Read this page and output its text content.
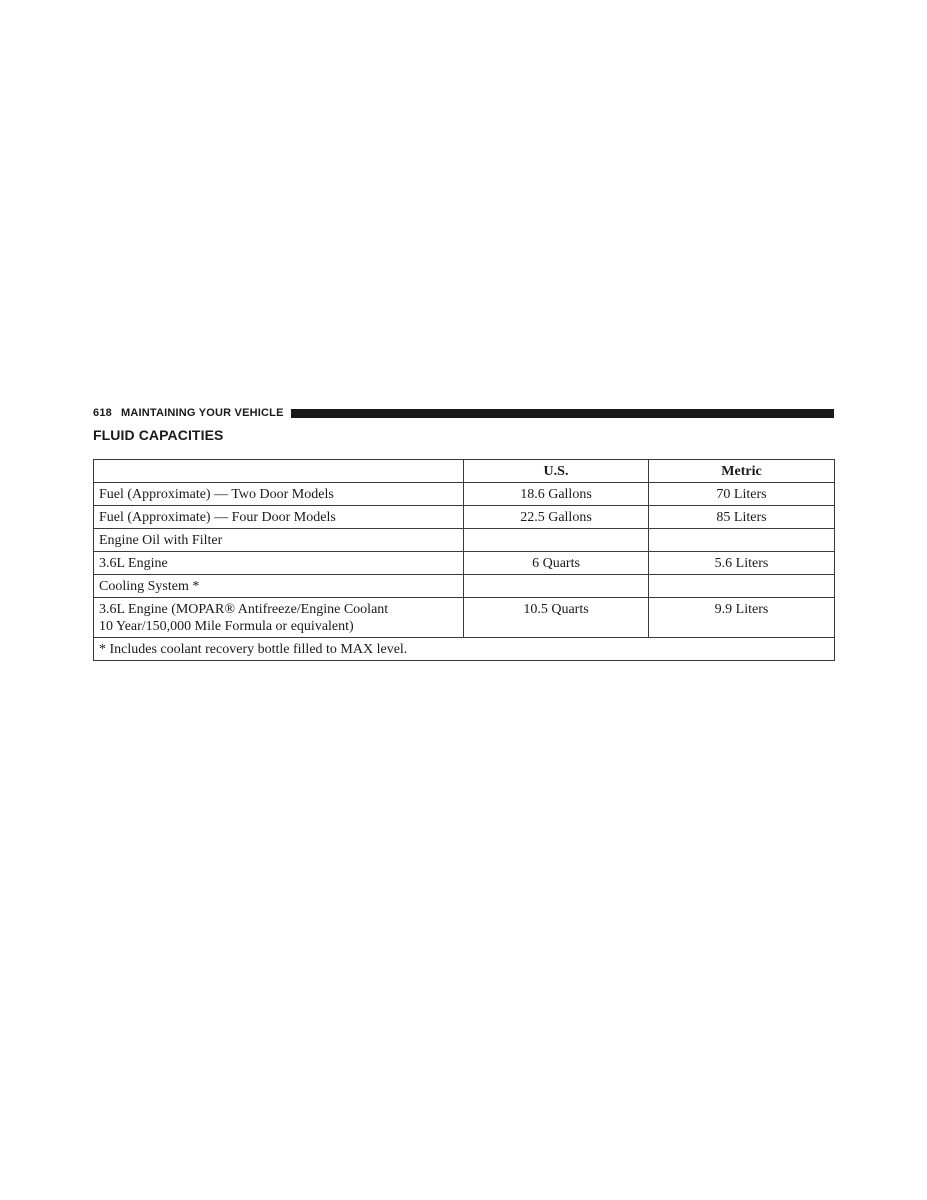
618 MAINTAINING YOUR VEHICLE
FLUID CAPACITIES
	U.S.	Metric
Fuel (Approximate) — Two Door Models	18.6 Gallons	70 Liters
Fuel (Approximate) — Four Door Models	22.5 Gallons	85 Liters
Engine Oil with Filter		
3.6L Engine	6 Quarts	5.6 Liters
Cooling System *		

3.6L Engine (MOPAR® Antifreeze/Engine Coolant
10 Year/150,000 Mile Formula or equivalent)	10.5 Quarts	9.9 Liters
* Includes coolant recovery bottle filled to MAX level.		
